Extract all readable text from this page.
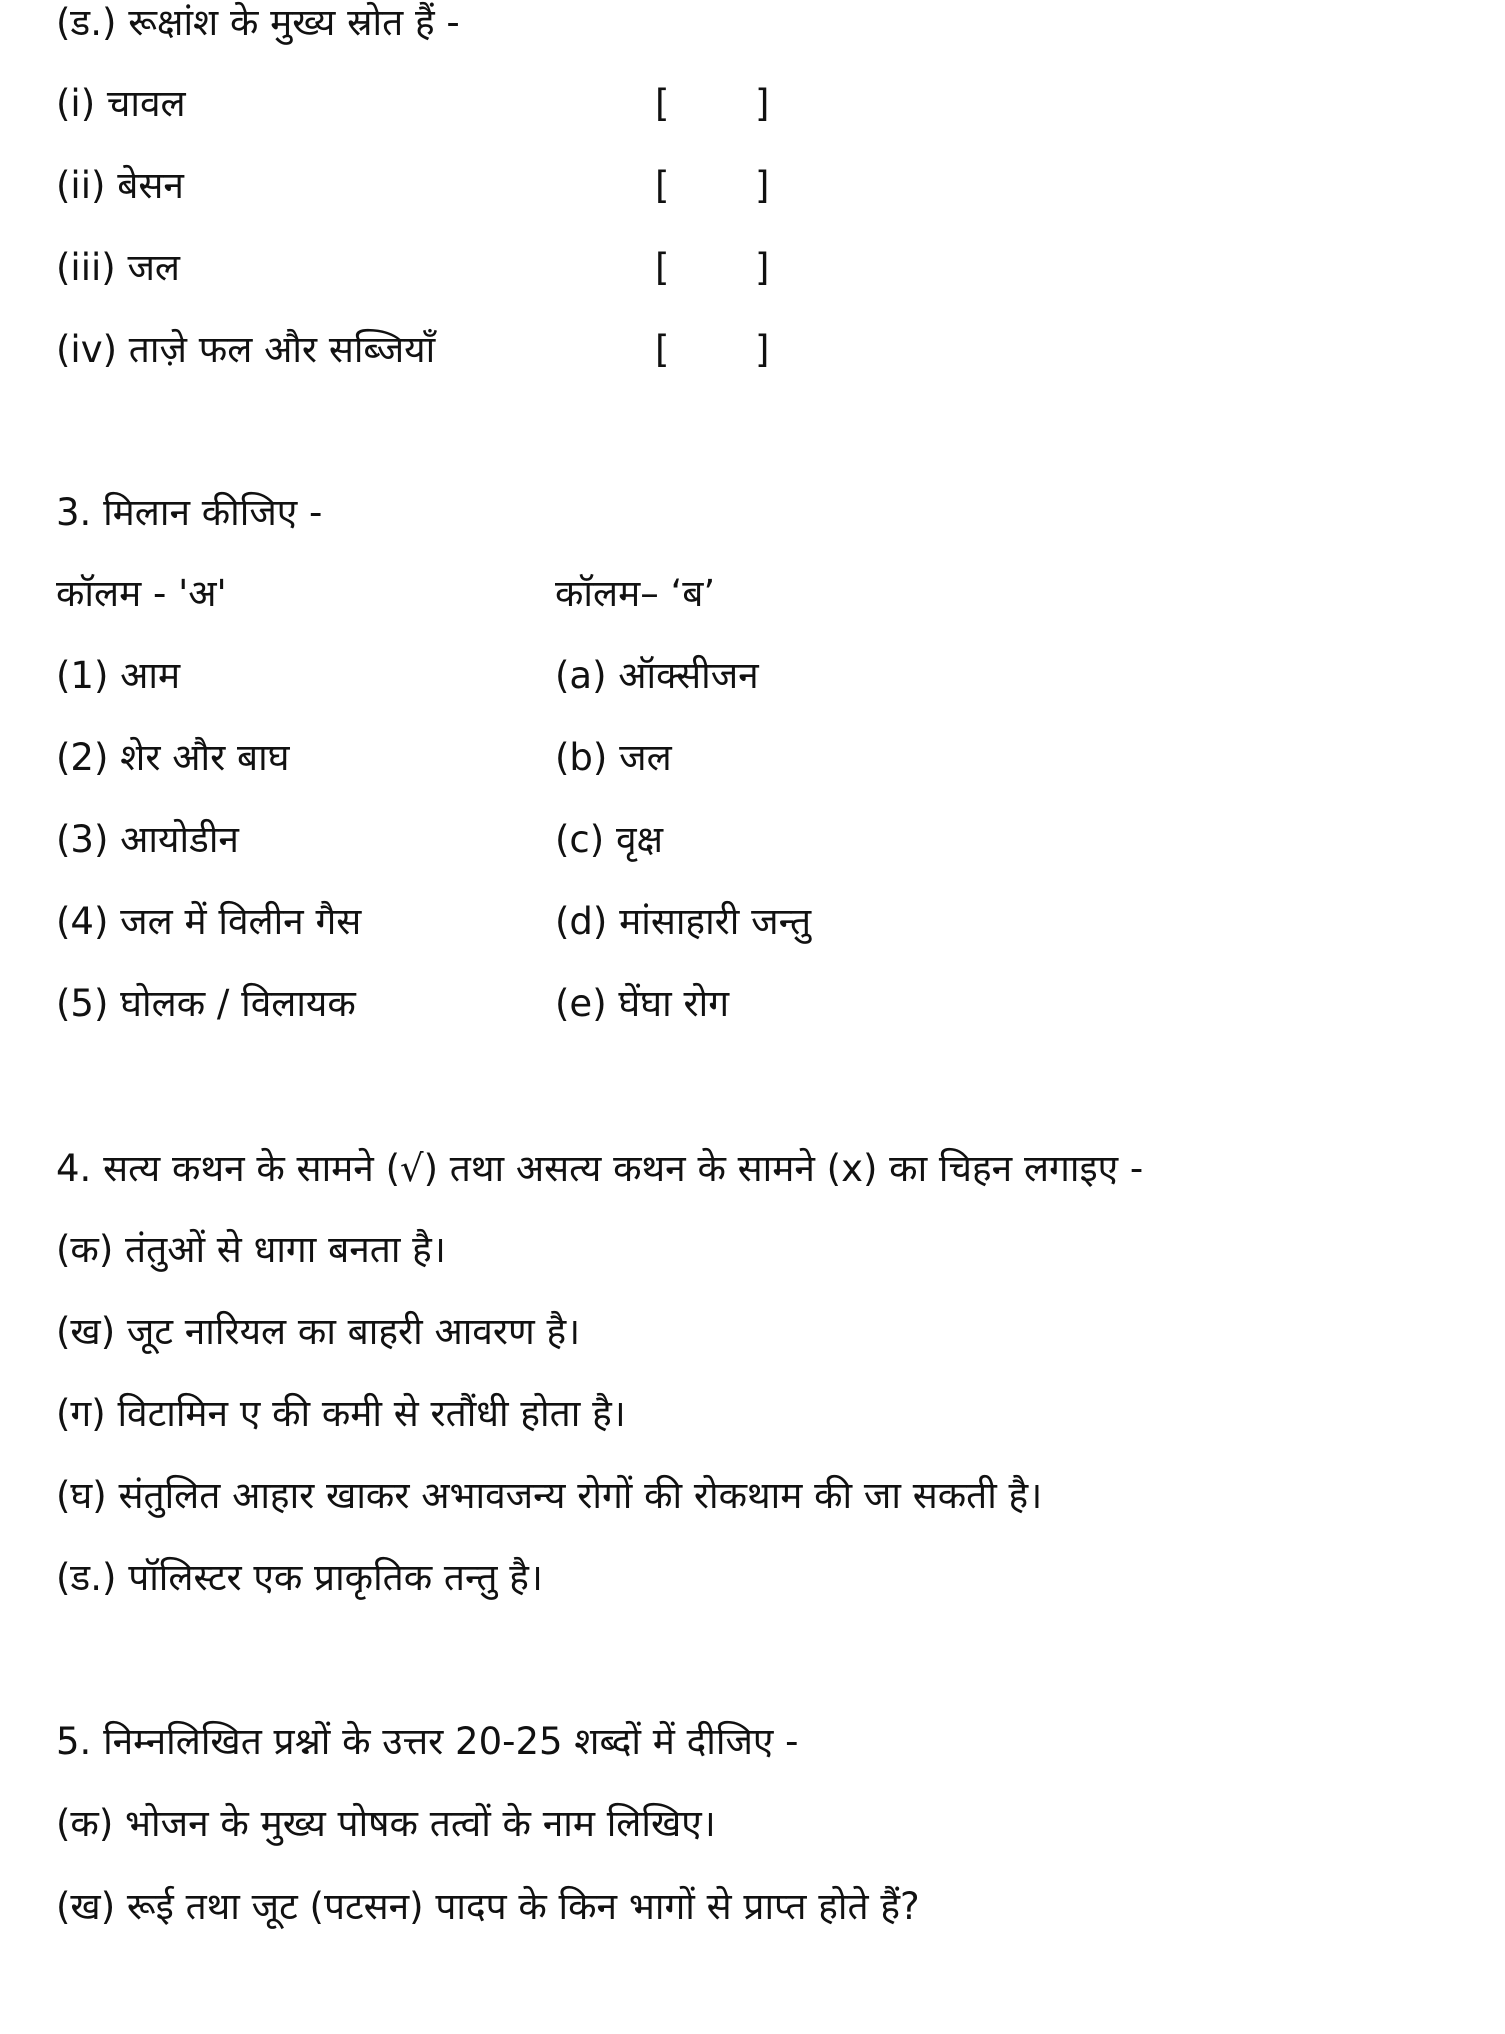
(ड.) रूक्षांश के मुख्य स्रोत हैं -
(i) चावल	[ ]
(ii) बेसन	[ ]
(iii) जल	[ ]
(iv) ताज़े फल और सब्जियाँ	[ ]
3. मिलान कीजिए -
कॉलम - 'अ'	कॉलम– ‘ब’
(1) आम	(a) ऑक्सीजन
(2) शेर और बाघ	(b) जल
(3) आयोडीन	(c) वृक्ष
(4) जल में विलीन गैस	(d) मांसाहारी जन्तु
(5) घोलक / विलायक	(e) घेंघा रोग
4. सत्य कथन के सामने (√) तथा असत्य कथन के सामने (x) का चिहन लगाइए -
(क) तंतुओं से धागा बनता है।
(ख) जूट नारियल का बाहरी आवरण है।
(ग) विटामिन ए की कमी से रतौंधी होता है।
(घ) संतुलित आहार खाकर अभावजन्य रोगों की रोकथाम की जा सकती है।
(ड.) पॉलिस्टर एक प्राकृतिक तन्तु है।
5. निम्नलिखित प्रश्नों के उत्तर 20-25 शब्दों में दीजिए -
(क) भोजन के मुख्य पोषक तत्वों के नाम लिखिए।
(ख) रूई तथा जूट (पटसन) पादप के किन भागों से प्राप्त होते हैं?
